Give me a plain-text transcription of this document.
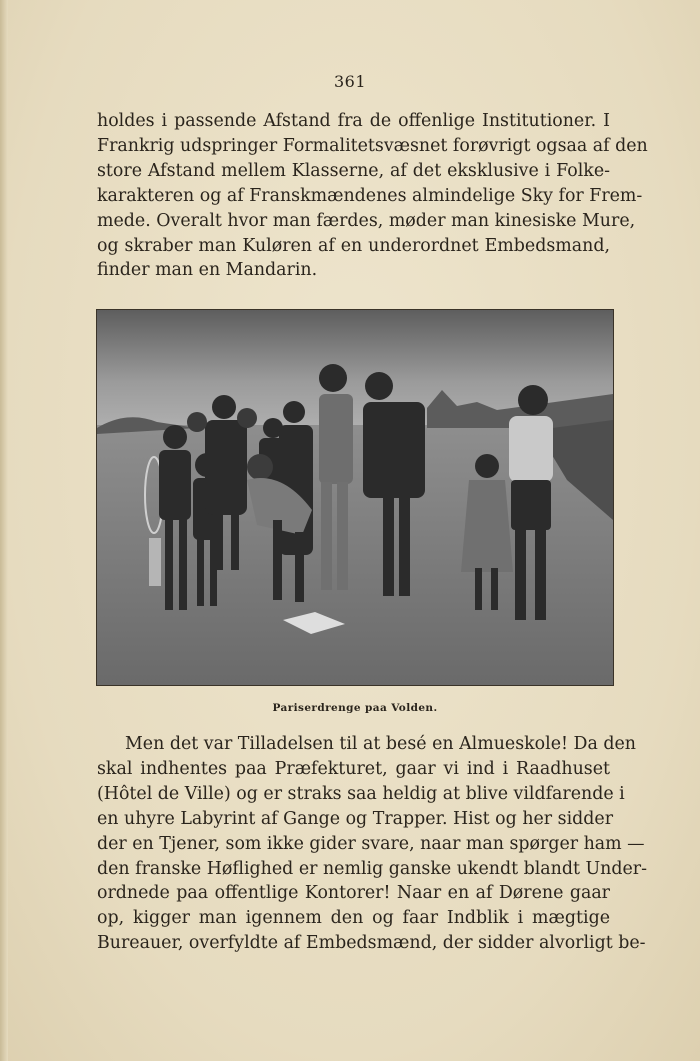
361
holdes i passende Afstand fra de offenlige Institutioner. I
Frankrig udspringer Formalitetsvæsnet forøvrigt ogsaa af den
store Afstand mellem Klasserne, af det eksklusive i Folke-
karakteren og af Franskmændenes almindelige Sky for Frem-
mede. Overalt hvor man færdes, møder man kinesiske Mure,
og skraber man Kuløren af en underordnet Embedsmand,
finder man en Mandarin.
Pariserdrenge paa Volden.
Men det var Tilladelsen til at besé en Almueskole! Da den
skal indhentes paa Præfekturet, gaar vi ind i Raadhuset
(Hôtel de Ville) og er straks saa heldig at blive vildfarende i
en uhyre Labyrint af Gange og Trapper. Hist og her sidder
der en Tjener, som ikke gider svare, naar man spørger ham —
den franske Høflighed er nemlig ganske ukendt blandt Under-
ordnede paa offentlige Kontorer! Naar en af Dørene gaar
op, kigger man igennem den og faar Indblik i mægtige
Bureauer, overfyldte af Embedsmænd, der sidder alvorligt be-
